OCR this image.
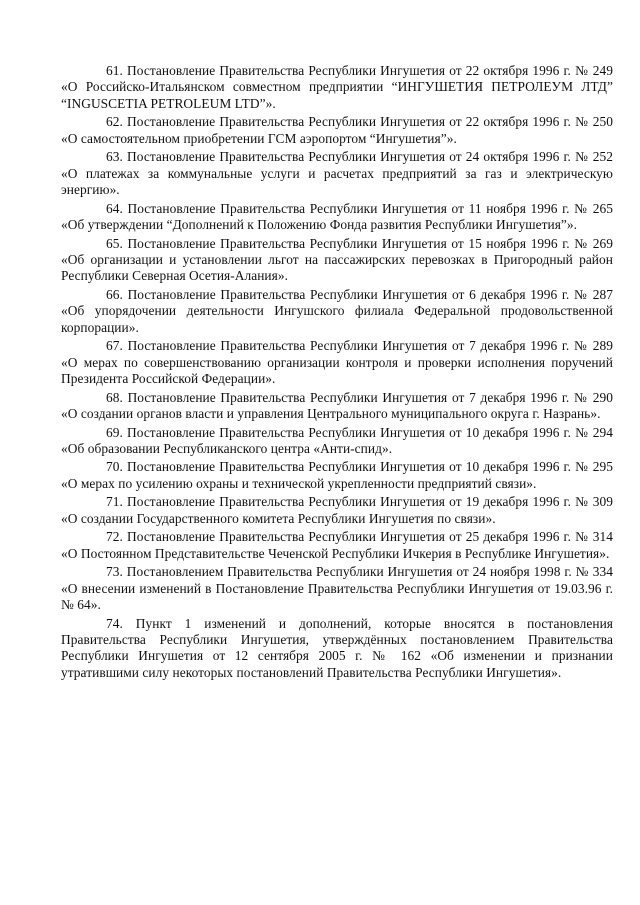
61. Постановление Правительства Республики Ингушетия от 22 октября 1996 г. № 249 «О Российско-Итальянском совместном предприятии “ИНГУШЕТИЯ ПЕТРОЛЕУМ ЛТД” “INGUSCETIA PETROLEUM LTD”».

62. Постановление Правительства Республики Ингушетия от 22 октября 1996 г. № 250 «О самостоятельном приобретении ГСМ аэропортом “Ингушетия”».

63. Постановление Правительства Республики Ингушетия от 24 октября 1996 г. № 252 «О платежах за коммунальные услуги и расчетах предприятий за газ и электрическую энергию».

64. Постановление Правительства Республики Ингушетия от 11 ноября 1996 г. № 265 «Об утверждении “Дополнений к Положению Фонда развития Республики Ингушетия”».

65. Постановление Правительства Республики Ингушетия от 15 ноября 1996 г. № 269 «Об организации и установлении льгот на пассажирских перевозках в Пригородный район Республики Северная Осетия-Алания».

66. Постановление Правительства Республики Ингушетия от 6 декабря 1996 г. № 287 «Об упорядочении деятельности Ингушского филиала Федеральной продовольственной корпорации».

67. Постановление Правительства Республики Ингушетия от 7 декабря 1996 г. № 289 «О мерах по совершенствованию организации контроля и проверки исполнения поручений Президента Российской Федерации».

68. Постановление Правительства Республики Ингушетия от 7 декабря 1996 г. № 290 «О создании органов власти и управления Центрального муниципального округа г. Назрань».

69. Постановление Правительства Республики Ингушетия от 10 декабря 1996 г. № 294 «Об образовании Республиканского центра «Анти-спид».

70. Постановление Правительства Республики Ингушетия от 10 декабря 1996 г. № 295 «О мерах по усилению охраны и технической укрепленности предприятий связи».

71. Постановление Правительства Республики Ингушетия от 19 декабря 1996 г. № 309 «О создании Государственного комитета Республики Ингушетия по связи».

72. Постановление Правительства Республики Ингушетия от 25 декабря 1996 г. № 314 «О Постоянном Представительстве Чеченской Республики Ичкерия в Республике Ингушетия».

73. Постановлением Правительства Республики Ингушетия от 24 ноября 1998 г. № 334 «О внесении изменений в Постановление Правительства Республики Ингушетия от 19.03.96 г. № 64».

74. Пункт 1 изменений и дополнений, которые вносятся в постановления Правительства Республики Ингушетия, утверждённых постановлением Правительства Республики Ингушетия от 12 сентября 2005 г. № 162 «Об изменении и признании утратившими силу некоторых постановлений Правительства Республики Ингушетия».
